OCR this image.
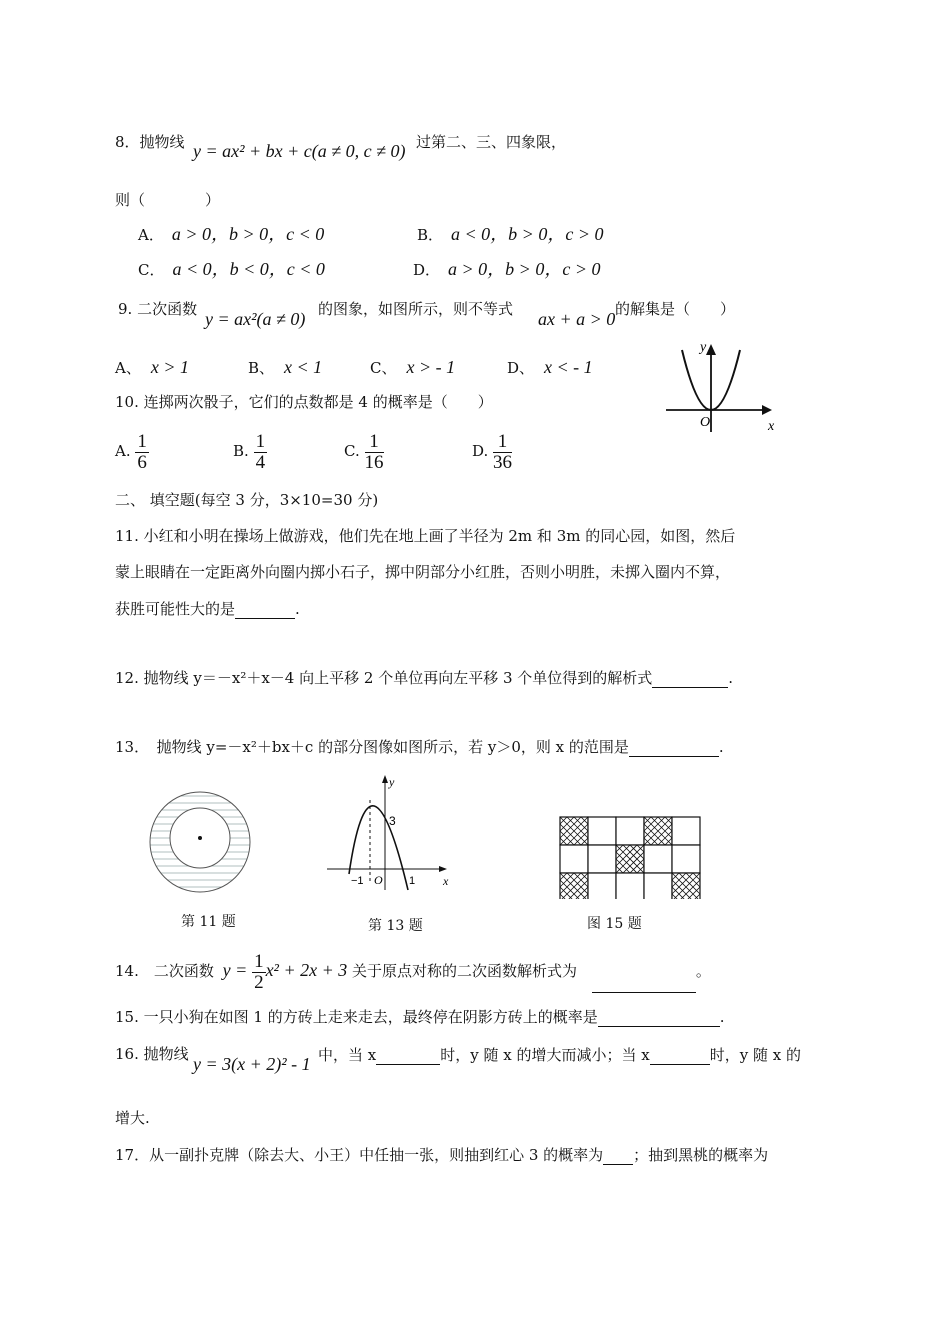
8．抛物线 y = ax² + bx + c(a ≠ 0, c ≠ 0) 过第二、三、四象限，
则（　　　　）
A． a > 0，b > 0，c < 0	B． a < 0，b > 0，c > 0
C． a < 0，b < 0，c < 0	D． a > 0，b > 0，c > 0
9. 二次函数 y = ax²(a ≠ 0) 的图象，如图所示，则不等式 ax + a > 0 的解集是（　　）
A、 x > 1	B、 x < 1	C、 x > - 1	D、 x < - 1
y
x
O
10. 连掷两次骰子，它们的点数都是 4 的概率是（　　）
A. $\frac{1}{6}$	B. $\frac{1}{4}$	C. $\frac{1}{16}$	D. $\frac{1}{36}$
二、 填空题(每空 3 分，3×10=30 分)
11. 小红和小明在操场上做游戏，他们先在地上画了半径为 2m 和 3m 的同心园，如图，然后
蒙上眼睛在一定距离外向圈内掷小石子，掷中阴部分小红胜，否则小明胜，未掷入圈内不算，
获胜可能性大的是	.
12. 抛物线 y＝－x²＋x－4 向上平移 2 个单位再向左平移 3 个单位得到的解析式	.
13．　抛物线 y=－x²＋bx＋c 的部分图像如图所示，若 y＞0，则 x 的范围是	.
第 11 题
y
x
3
−1 O 1
第 13 题	图 15 题
14.　二次函数 $y = \frac{1}{2} x^2 + 2x + 3$ 关于原点对称的二次函数解析式为	。
15. 一只小狗在如图 1 的方砖上走来走去，最终停在阴影方砖上的概率是	.
16. 抛物线 y = 3(x + 2)² - 1 中，当 x	时，y 随 x 的增大而减小；当 x	时，y 随 x 的
增大.
17．从一副扑克牌（除去大、小王）中任抽一张，则抽到红心 3 的概率为 ；抽到黑桃的概率为
